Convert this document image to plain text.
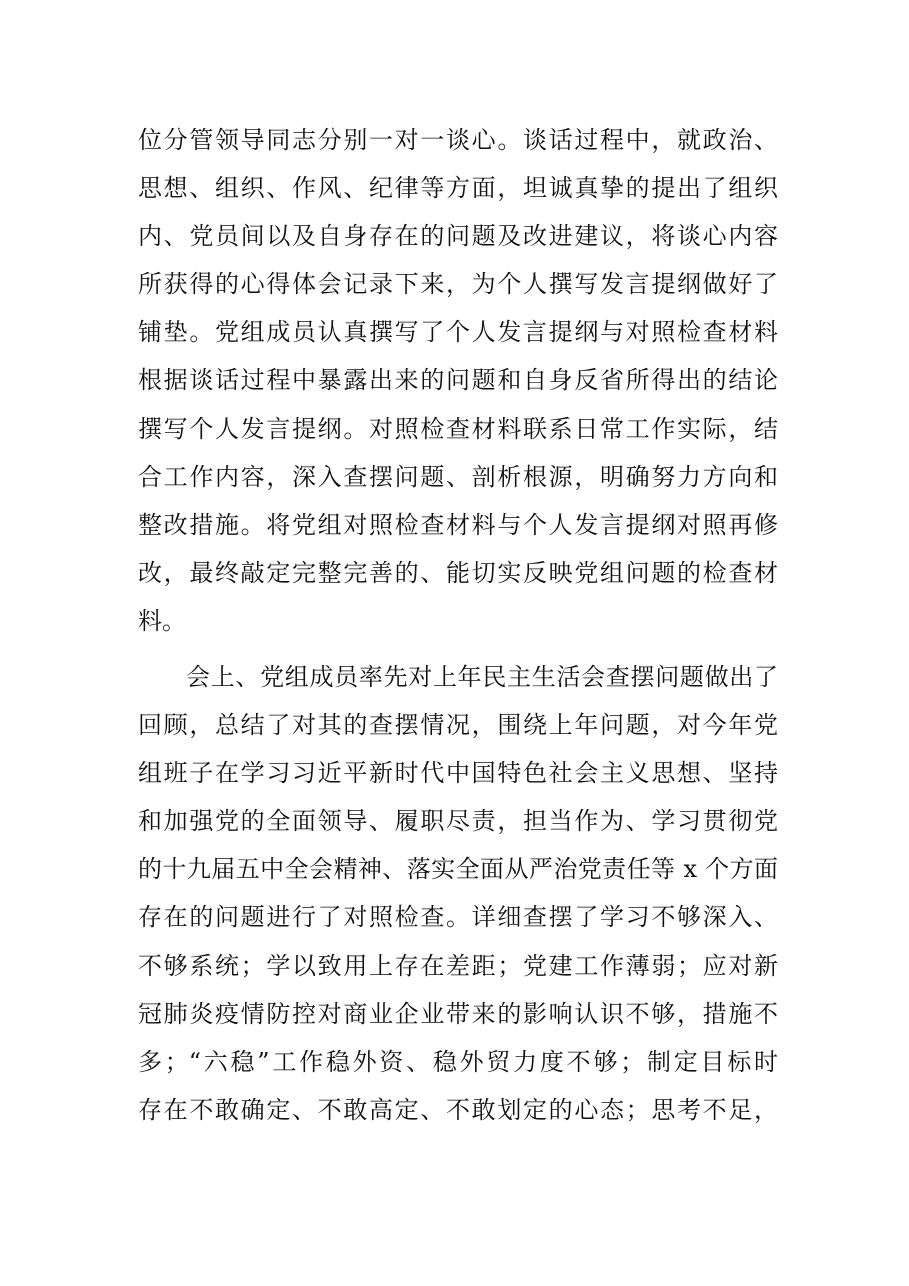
位分管领导同志分别一对一谈心。谈话过程中，就政治、
思想、组织、作风、纪律等方面，坦诚真挚的提出了组织
内、党员间以及自身存在的问题及改进建议，将谈心内容
所获得的心得体会记录下来，为个人撰写发言提纲做好了
铺垫。党组成员认真撰写了个人发言提纲与对照检查材料
根据谈话过程中暴露出来的问题和自身反省所得出的结论
撰写个人发言提纲。对照检查材料联系日常工作实际，结
合工作内容，深入查摆问题、剖析根源，明确努力方向和
整改措施。将党组对照检查材料与个人发言提纲对照再修
改，最终敲定完整完善的、能切实反映党组问题的检查材
料。
会上、党组成员率先对上年民主生活会查摆问题做出了
回顾，总结了对其的查摆情况，围绕上年问题，对今年党
组班子在学习习近平新时代中国特色社会主义思想、坚持
和加强党的全面领导、履职尽责，担当作为、学习贯彻党
的十九届五中全会精神、落实全面从严治党责任等 x 个方面
存在的问题进行了对照检查。详细查摆了学习不够深入、
不够系统；学以致用上存在差距；党建工作薄弱；应对新
冠肺炎疫情防控对商业企业带来的影响认识不够，措施不
多；“六稳”工作稳外资、稳外贸力度不够；制定目标时
存在不敢确定、不敢高定、不敢划定的心态；思考不足，
